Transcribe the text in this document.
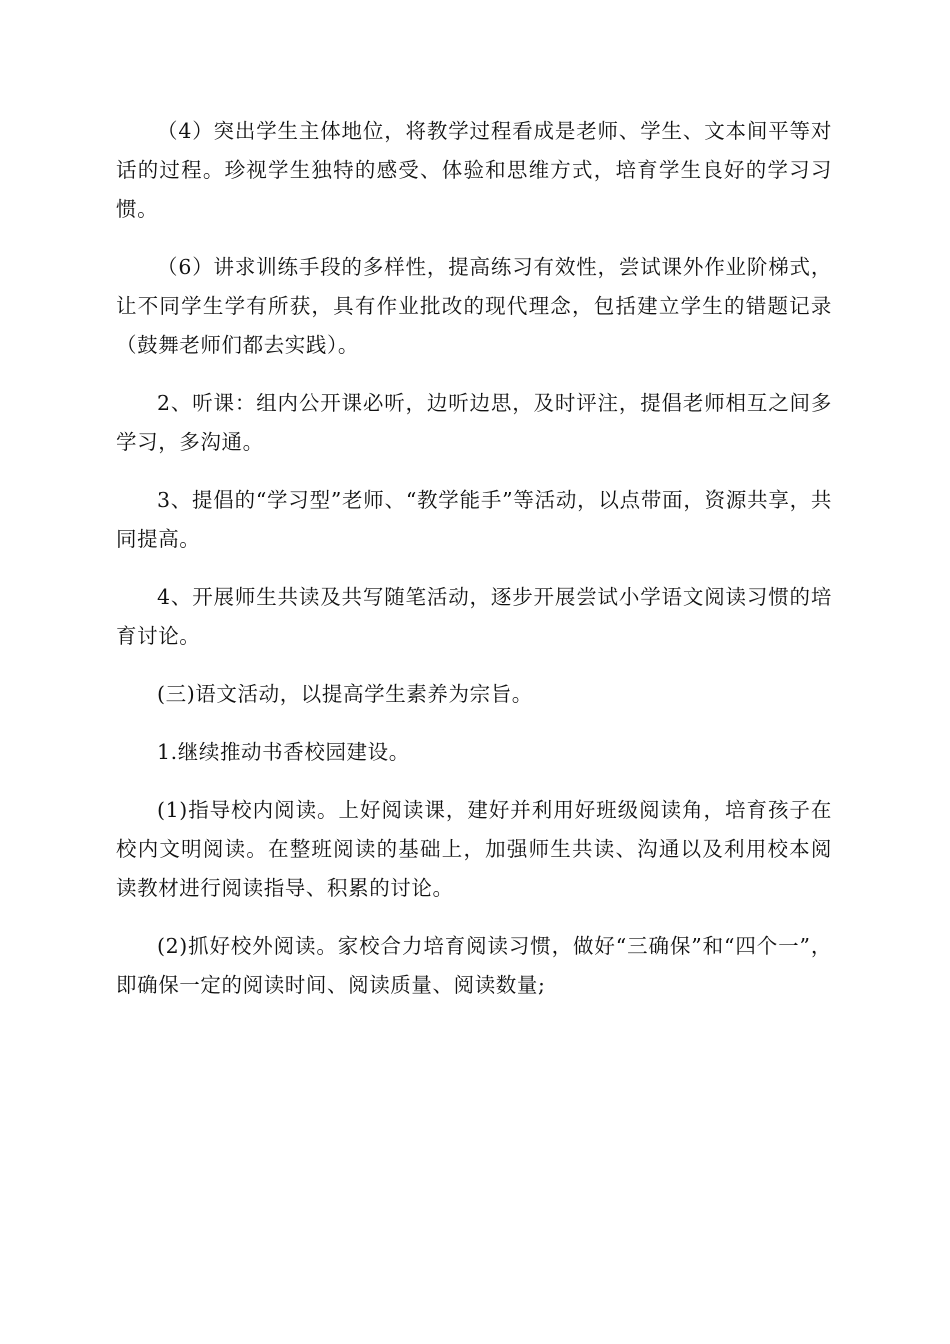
（4）突出学生主体地位，将教学过程看成是老师、学生、文本间平等对话的过程。珍视学生独特的感受、体验和思维方式，培育学生良好的学习习惯。

（6）讲求训练手段的多样性，提高练习有效性，尝试课外作业阶梯式，让不同学生学有所获，具有作业批改的现代理念，包括建立学生的错题记录（鼓舞老师们都去实践）。

2、听课：组内公开课必听，边听边思，及时评注，提倡老师相互之间多学习，多沟通。

3、提倡的“学习型”老师、“教学能手”等活动，以点带面，资源共享，共同提高。

4、开展师生共读及共写随笔活动，逐步开展尝试小学语文阅读习惯的培育讨论。

(三)语文活动，以提高学生素养为宗旨。

1.继续推动书香校园建设。

(1)指导校内阅读。上好阅读课，建好并利用好班级阅读角，培育孩子在校内文明阅读。在整班阅读的基础上，加强师生共读、沟通以及利用校本阅读教材进行阅读指导、积累的讨论。

(2)抓好校外阅读。家校合力培育阅读习惯，做好“三确保”和“四个一”，即确保一定的阅读时间、阅读质量、阅读数量;
